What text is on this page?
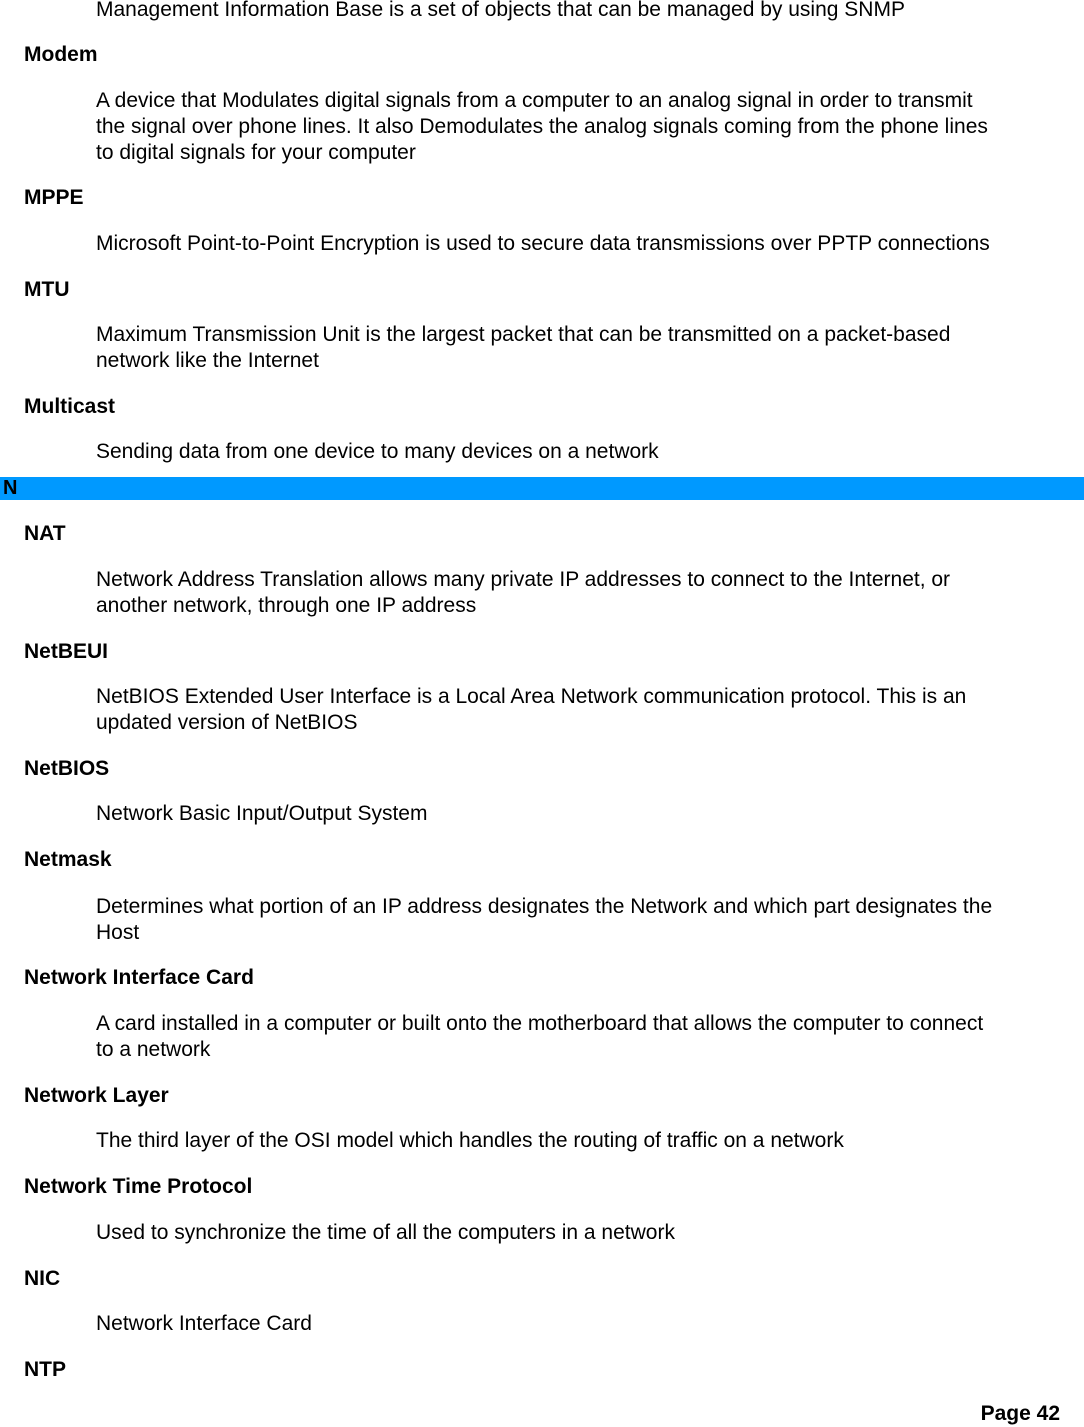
Management Information Base is a set of objects that can be managed by using SNMP
Modem
A device that Modulates digital signals from a computer to an analog signal in order to transmit
the signal over phone lines. It also Demodulates the analog signals coming from the phone lines
to digital signals for your computer
MPPE
Microsoft Point-to-Point Encryption is used to secure data transmissions over PPTP connections
MTU
Maximum Transmission Unit is the largest packet that can be transmitted on a packet-based
network like the Internet
Multicast
Sending data from one device to many devices on a network
N
NAT
Network Address Translation allows many private IP addresses to connect to the Internet, or
another network, through one IP address
NetBEUI
NetBIOS Extended User Interface is a Local Area Network communication protocol. This is an
updated version of NetBIOS
NetBIOS
Network Basic Input/Output System
Netmask
Determines what portion of an IP address designates the Network and which part designates the
Host
Network Interface Card
A card installed in a computer or built onto the motherboard that allows the computer to connect
to a network
Network Layer
The third layer of the OSI model which handles the routing of traffic on a network
Network Time Protocol
Used to synchronize the time of all the computers in a network
NIC
Network Interface Card
NTP
Page 42
